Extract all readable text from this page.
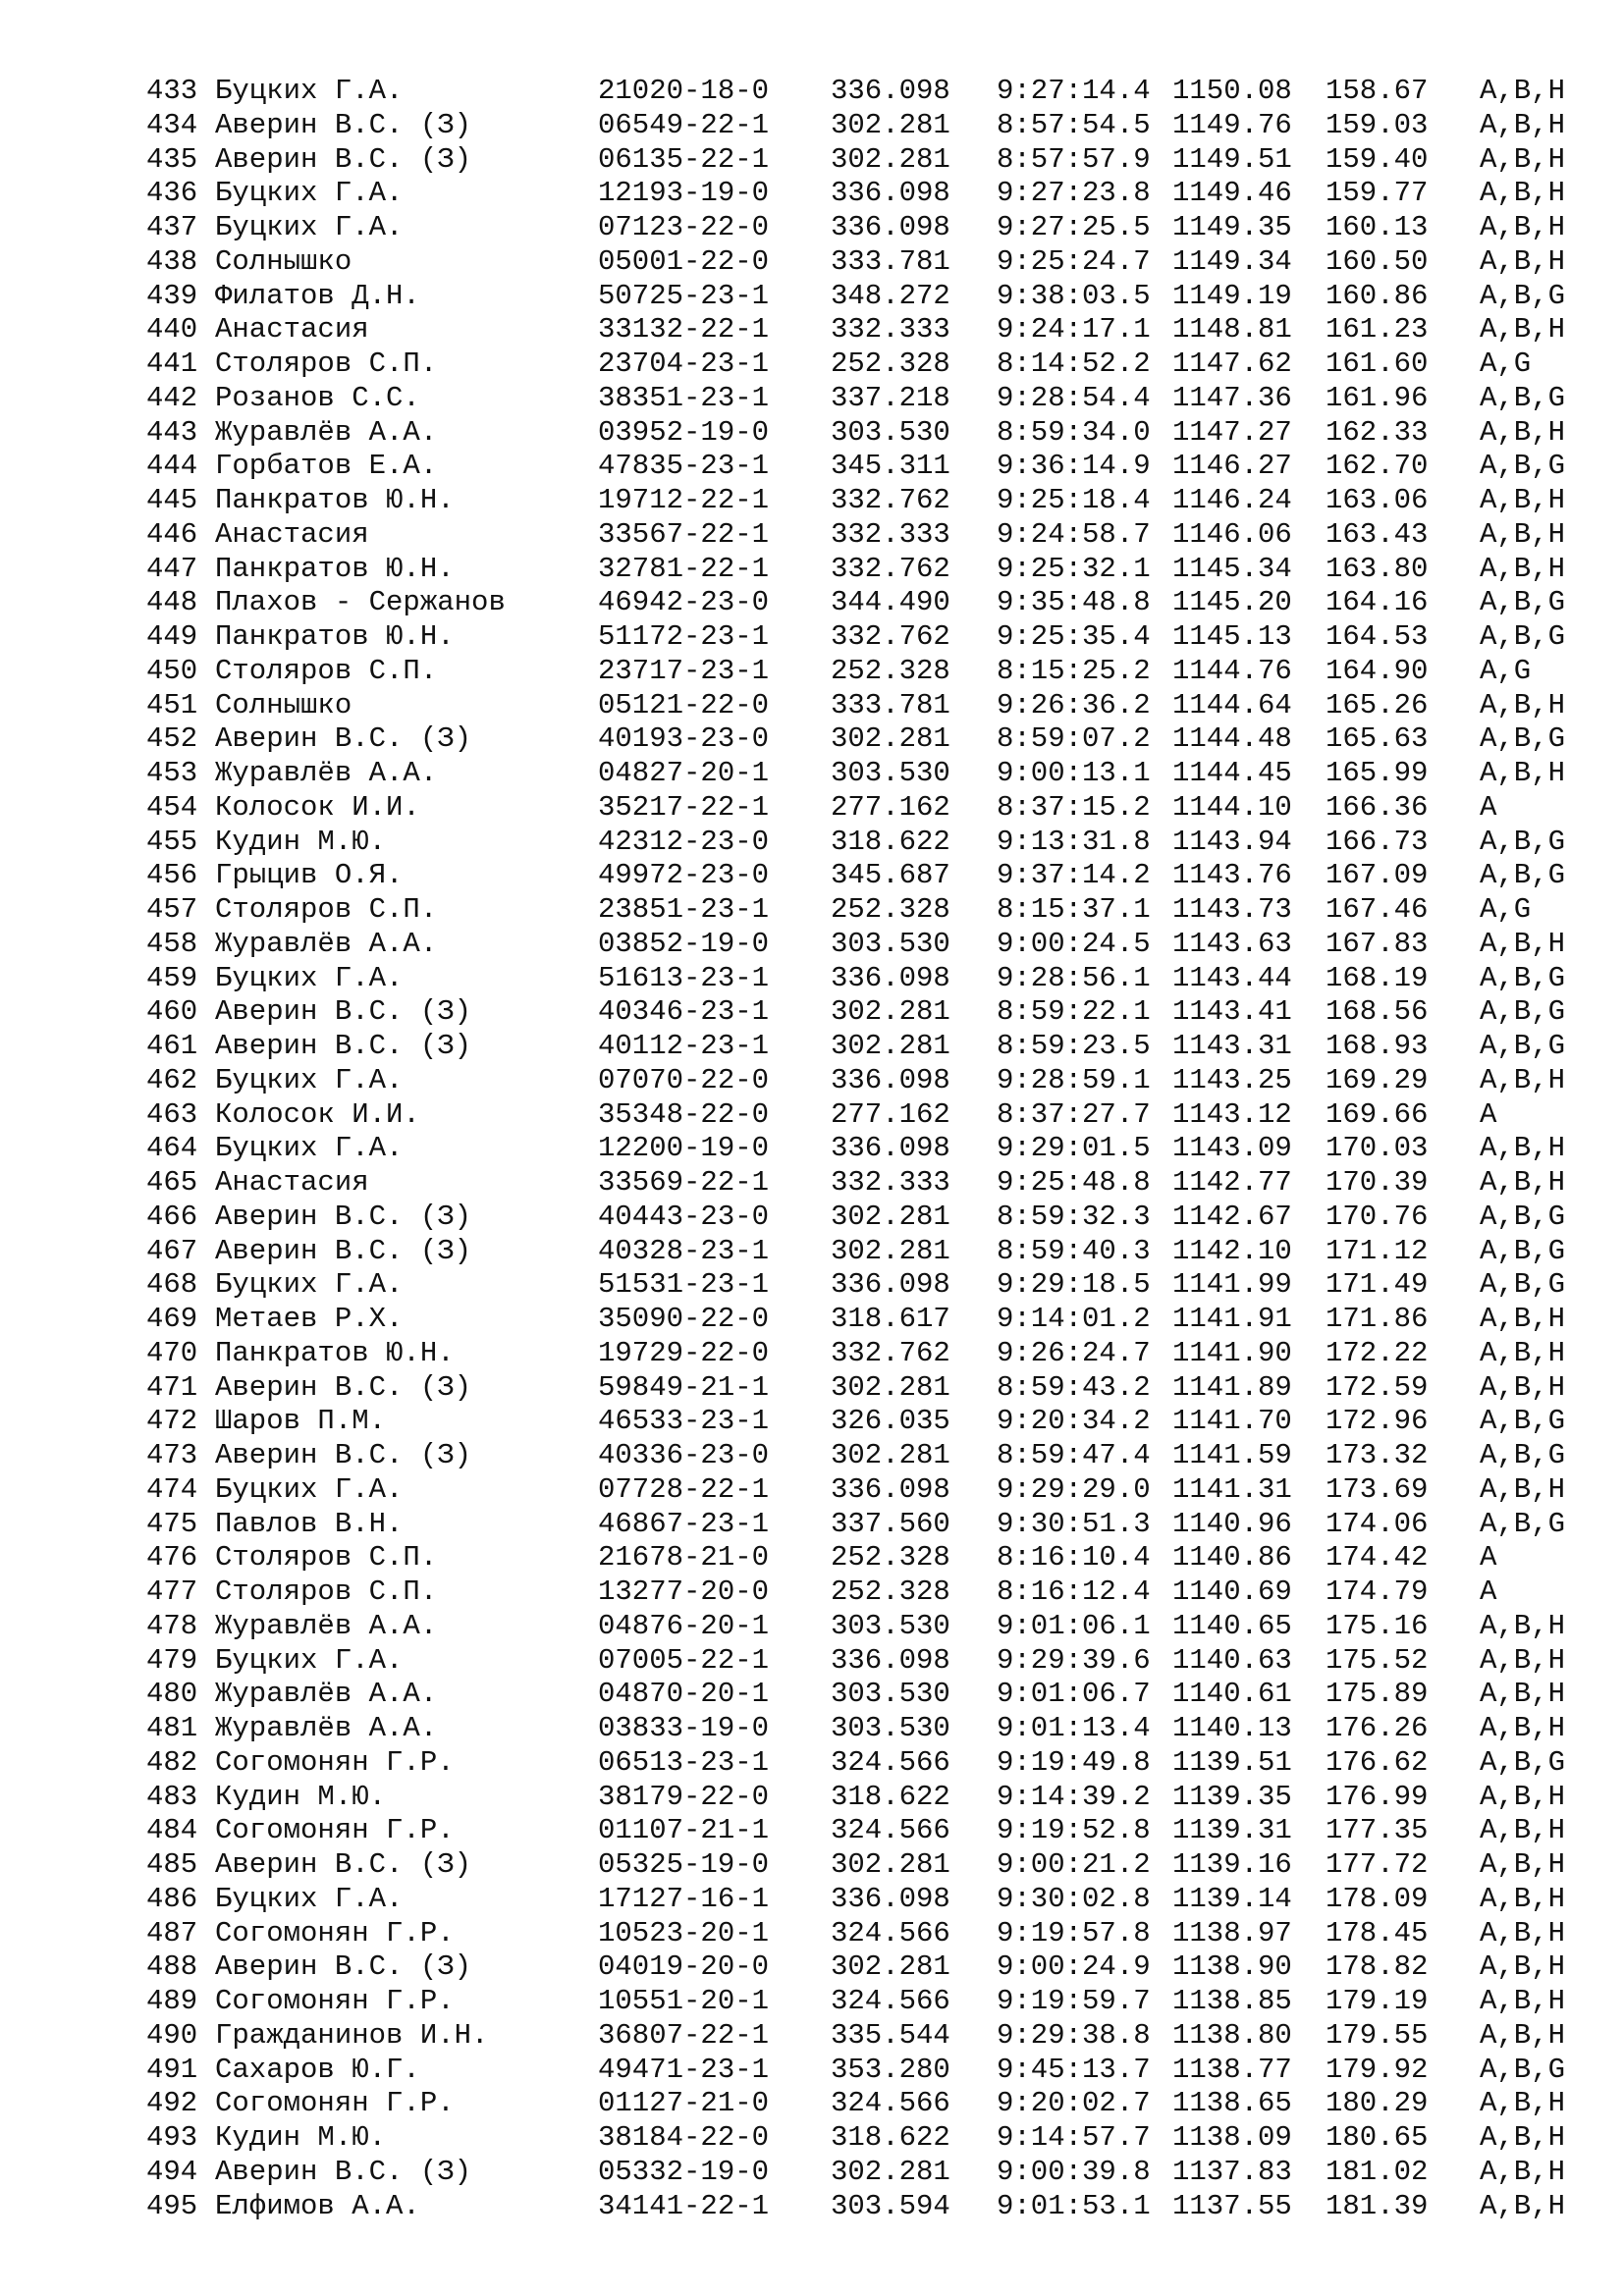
433 Буцких Г.А.	21020-18-0 336.098 9:27:14.4 1150.08 158.67 A,B,H
434 Аверин В.С. (З)	06549-22-1 302.281 8:57:54.5 1149.76 159.03 A,B,H
435 Аверин В.С. (З)	06135-22-1 302.281 8:57:57.9 1149.51 159.40 A,B,H
436 Буцких Г.А.	12193-19-0 336.098 9:27:23.8 1149.46 159.77 A,B,H
437 Буцких Г.А.	07123-22-0 336.098 9:27:25.5 1149.35 160.13 A,B,H
438 Солнышко	05001-22-0 333.781 9:25:24.7 1149.34 160.50 A,B,H
439 Филатов Д.Н.	50725-23-1 348.272 9:38:03.5 1149.19 160.86 A,B,G
440 Анастасия	33132-22-1 332.333 9:24:17.1 1148.81 161.23 A,B,H
441 Столяров С.П.	23704-23-1 252.328 8:14:52.2 1147.62 161.60 A,G
442 Розанов С.С.	38351-23-1 337.218 9:28:54.4 1147.36 161.96 A,B,G
443 Журавлёв А.А.	03952-19-0 303.530 8:59:34.0 1147.27 162.33 A,B,H
444 Горбатов Е.А.	47835-23-1 345.311 9:36:14.9 1146.27 162.70 A,B,G
445 Панкратов Ю.Н.	19712-22-1 332.762 9:25:18.4 1146.24 163.06 A,B,H
446 Анастасия	33567-22-1 332.333 9:24:58.7 1146.06 163.43 A,B,H
447 Панкратов Ю.Н.	32781-22-1 332.762 9:25:32.1 1145.34 163.80 A,B,H
448 Плахов - Сержанов	46942-23-0 344.490 9:35:48.8 1145.20 164.16 A,B,G
449 Панкратов Ю.Н.	51172-23-1 332.762 9:25:35.4 1145.13 164.53 A,B,G
450 Столяров С.П.	23717-23-1 252.328 8:15:25.2 1144.76 164.90 A,G
451 Солнышко	05121-22-0 333.781 9:26:36.2 1144.64 165.26 A,B,H
452 Аверин В.С. (З)	40193-23-0 302.281 8:59:07.2 1144.48 165.63 A,B,G
453 Журавлёв А.А.	04827-20-1 303.530 9:00:13.1 1144.45 165.99 A,B,H
454 Колосок И.И.	35217-22-1 277.162 8:37:15.2 1144.10 166.36 A
455 Кудин М.Ю.	42312-23-0 318.622 9:13:31.8 1143.94 166.73 A,B,G
456 Грыцив О.Я.	49972-23-0 345.687 9:37:14.2 1143.76 167.09 A,B,G
457 Столяров С.П.	23851-23-1 252.328 8:15:37.1 1143.73 167.46 A,G
458 Журавлёв А.А.	03852-19-0 303.530 9:00:24.5 1143.63 167.83 A,B,H
459 Буцких Г.А.	51613-23-1 336.098 9:28:56.1 1143.44 168.19 A,B,G
460 Аверин В.С. (З)	40346-23-1 302.281 8:59:22.1 1143.41 168.56 A,B,G
461 Аверин В.С. (З)	40112-23-1 302.281 8:59:23.5 1143.31 168.93 A,B,G
462 Буцких Г.А.	07070-22-0 336.098 9:28:59.1 1143.25 169.29 A,B,H
463 Колосок И.И.	35348-22-0 277.162 8:37:27.7 1143.12 169.66 A
464 Буцких Г.А.	12200-19-0 336.098 9:29:01.5 1143.09 170.03 A,B,H
465 Анастасия	33569-22-1 332.333 9:25:48.8 1142.77 170.39 A,B,H
466 Аверин В.С. (З)	40443-23-0 302.281 8:59:32.3 1142.67 170.76 A,B,G
467 Аверин В.С. (З)	40328-23-1 302.281 8:59:40.3 1142.10 171.12 A,B,G
468 Буцких Г.А.	51531-23-1 336.098 9:29:18.5 1141.99 171.49 A,B,G
469 Метаев Р.Х.	35090-22-0 318.617 9:14:01.2 1141.91 171.86 A,B,H
470 Панкратов Ю.Н.	19729-22-0 332.762 9:26:24.7 1141.90 172.22 A,B,H
471 Аверин В.С. (З)	59849-21-1 302.281 8:59:43.2 1141.89 172.59 A,B,H
472 Шаров П.М.	46533-23-1 326.035 9:20:34.2 1141.70 172.96 A,B,G
473 Аверин В.С. (З)	40336-23-0 302.281 8:59:47.4 1141.59 173.32 A,B,G
474 Буцких Г.А.	07728-22-1 336.098 9:29:29.0 1141.31 173.69 A,B,H
475 Павлов В.Н.	46867-23-1 337.560 9:30:51.3 1140.96 174.06 A,B,G
476 Столяров С.П.	21678-21-0 252.328 8:16:10.4 1140.86 174.42 A
477 Столяров С.П.	13277-20-0 252.328 8:16:12.4 1140.69 174.79 A
478 Журавлёв А.А.	04876-20-1 303.530 9:01:06.1 1140.65 175.16 A,B,H
479 Буцких Г.А.	07005-22-1 336.098 9:29:39.6 1140.63 175.52 A,B,H
480 Журавлёв А.А.	04870-20-1 303.530 9:01:06.7 1140.61 175.89 A,B,H
481 Журавлёв А.А.	03833-19-0 303.530 9:01:13.4 1140.13 176.26 A,B,H
482 Согомонян Г.Р.	06513-23-1 324.566 9:19:49.8 1139.51 176.62 A,B,G
483 Кудин М.Ю.	38179-22-0 318.622 9:14:39.2 1139.35 176.99 A,B,H
484 Согомонян Г.Р.	01107-21-1 324.566 9:19:52.8 1139.31 177.35 A,B,H
485 Аверин В.С. (З)	05325-19-0 302.281 9:00:21.2 1139.16 177.72 A,B,H
486 Буцких Г.А.	17127-16-1 336.098 9:30:02.8 1139.14 178.09 A,B,H
487 Согомонян Г.Р.	10523-20-1 324.566 9:19:57.8 1138.97 178.45 A,B,H
488 Аверин В.С. (З)	04019-20-0 302.281 9:00:24.9 1138.90 178.82 A,B,H
489 Согомонян Г.Р.	10551-20-1 324.566 9:19:59.7 1138.85 179.19 A,B,H
490 Гражданинов И.Н.	36807-22-1 335.544 9:29:38.8 1138.80 179.55 A,B,H
491 Сахаров Ю.Г.	49471-23-1 353.280 9:45:13.7 1138.77 179.92 A,B,G
492 Согомонян Г.Р.	01127-21-0 324.566 9:20:02.7 1138.65 180.29 A,B,H
493 Кудин М.Ю.	38184-22-0 318.622 9:14:57.7 1138.09 180.65 A,B,H
494 Аверин В.С. (З)	05332-19-0 302.281 9:00:39.8 1137.83 181.02 A,B,H
495 Елфимов А.А.	34141-22-1 303.594 9:01:53.1 1137.55 181.39 A,B,H
